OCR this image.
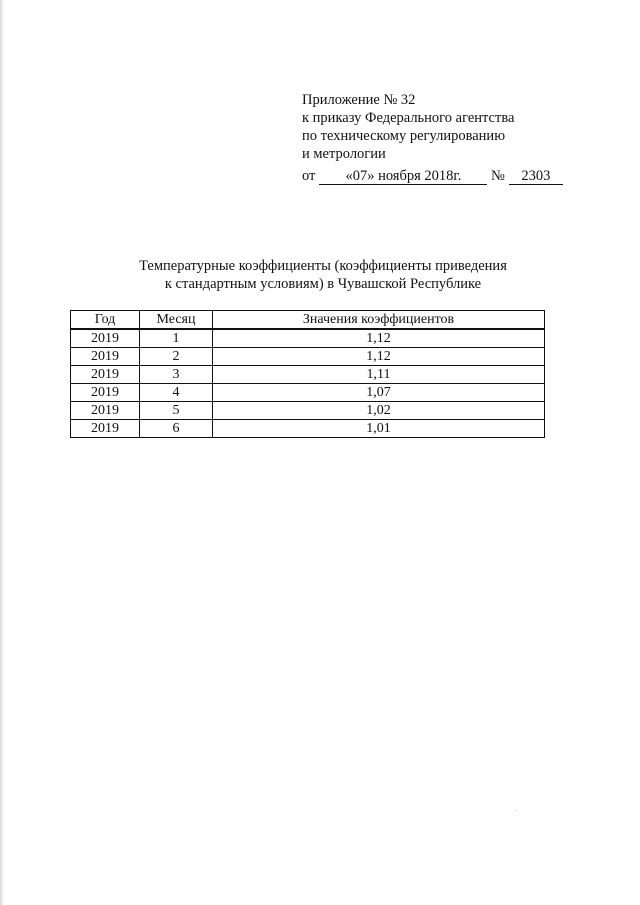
Приложение № 32
к приказу Федерального агентства
по техническому регулированию
и метрологии
от «07» ноября 2018г. № 2303
Температурные коэффициенты (коэффициенты приведения
к стандартным условиям) в Чувашской Республике
Год	Месяц	Значения коэффициентов
2019	1	1,12
2019	2	1,12
2019	3	1,11
2019	4	1,07
2019	5	1,02
2019	6	1,01
